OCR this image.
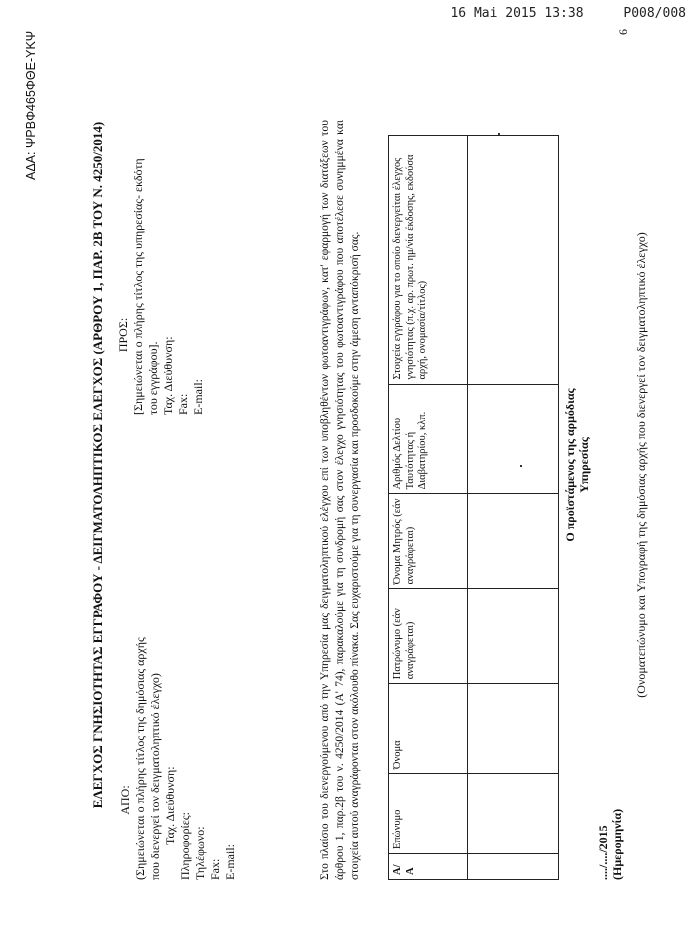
16 Mai 2015 13:38	P008/008
ΑΔΑ: ΨΡΒΦ465ΦΘΕ-ΥΚΨ
ΕΛΕΓΧΟΣ ΓΝΗΣΙΟΤΗΤΑΣ ΕΓΓΡΑΦΟΥ - ΔΕΙΓΜΑΤΟΛΗΠΤΙΚΟΣ ΕΛΕΓΧΟΣ (ΑΡΘΡΟΥ 1, ΠΑΡ. 2Β ΤΟΥ Ν. 4250/2014) ΑΠΟ: (Σημειώνεται ο πλήρης τίτλος της δημόσιας αρχής που διενεργεί τον δειγματοληπτικό έλεγχο) Ταχ. Διεύθυνση:
Πληροφορίες: Τηλέφωνο: Fax: E-mail:
ΠΡΟΣ: [Σημειώνεται ο πλήρης τίτλος της υπηρεσίας- εκδότη του εγγράφου]. Ταχ. Διεύθυνση: Fax: E-mail:	Στο πλαίσιο του διενεργούμενου από την Υπηρεσία μας δειγματοληπτικού ελέγχου επί των υποβληθέντων φωτοαντιγράφων, κατ' εφαρμογή των διατάξεων του άρθρου 1, παρ.2β του ν. 4250/2014 (Α' 74), παρακαλούμε για τη συνδρομή σας στον έλεγχο γνησιότητας του φωτοαντιγράφου που αποτέλεσε συνημμένα και στοιχεία αυτού αναγράφονται στον ακόλουθο πίνακα. Σας ευχαριστούμε για τη συνεργασία και προσδοκούμε στην άμεση ανταπόκρισή σας.	Α/Α	Επώνυμο	Όνομα	Πατρώνυμο (εάν αναγράφεται)	Όνομα Μητρός (εάν αναγράφεται)	Αριθμός Δελτίου Ταυτότητας ή Διαβατηρίου, κλπ.	Στοιχεία εγγράφου για το οποίο διενεργείται έλεγχος γνησιότητας (π.χ. αρ. πρωτ. ημ/νία έκδοσης, εκδούσα αρχή, ονομασία/τίτλος)

..../..../2015 (Ημερομηνία)
Ο προϊστάμενος της αρμόδιας Υπηρεσίας	(Ονοματεπώνυμο και Υπογραφή της δημόσιας αρχής που διενεργεί τον δειγματοληπτικό έλεγχο)
6
